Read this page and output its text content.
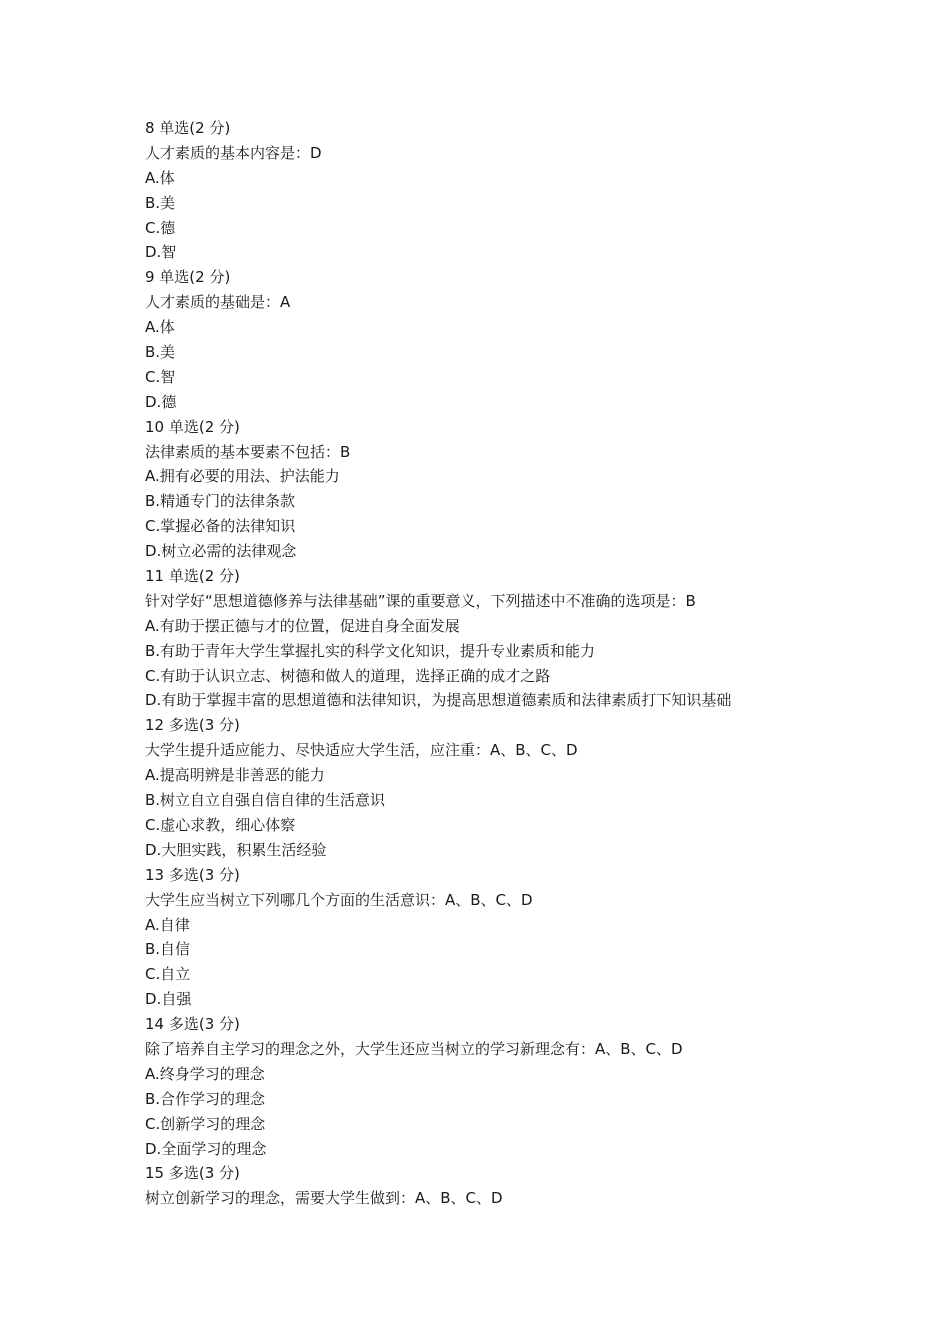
8 单选(2 分)
人才素质的基本内容是：D
A.体
B.美
C.德
D.智
9 单选(2 分)
人才素质的基础是：A
A.体
B.美
C.智
D.德
10 单选(2 分)
法律素质的基本要素不包括：B
A.拥有必要的用法、护法能力
B.精通专门的法律条款
C.掌握必备的法律知识
D.树立必需的法律观念
11 单选(2 分)
针对学好“思想道德修养与法律基础”课的重要意义，下列描述中不准确的选项是：B
A.有助于摆正德与才的位置，促进自身全面发展
B.有助于青年大学生掌握扎实的科学文化知识，提升专业素质和能力
C.有助于认识立志、树德和做人的道理，选择正确的成才之路
D.有助于掌握丰富的思想道德和法律知识，为提高思想道德素质和法律素质打下知识基础
12 多选(3 分)
大学生提升适应能力、尽快适应大学生活，应注重：A、B、C、D
A.提高明辨是非善恶的能力
B.树立自立自强自信自律的生活意识
C.虚心求教，细心体察
D.大胆实践，积累生活经验
13 多选(3 分)
大学生应当树立下列哪几个方面的生活意识：A、B、C、D
A.自律
B.自信
C.自立
D.自强
14 多选(3 分)
除了培养自主学习的理念之外，大学生还应当树立的学习新理念有：A、B、C、D
A.终身学习的理念
B.合作学习的理念
C.创新学习的理念
D.全面学习的理念
15 多选(3 分)
树立创新学习的理念，需要大学生做到：A、B、C、D
